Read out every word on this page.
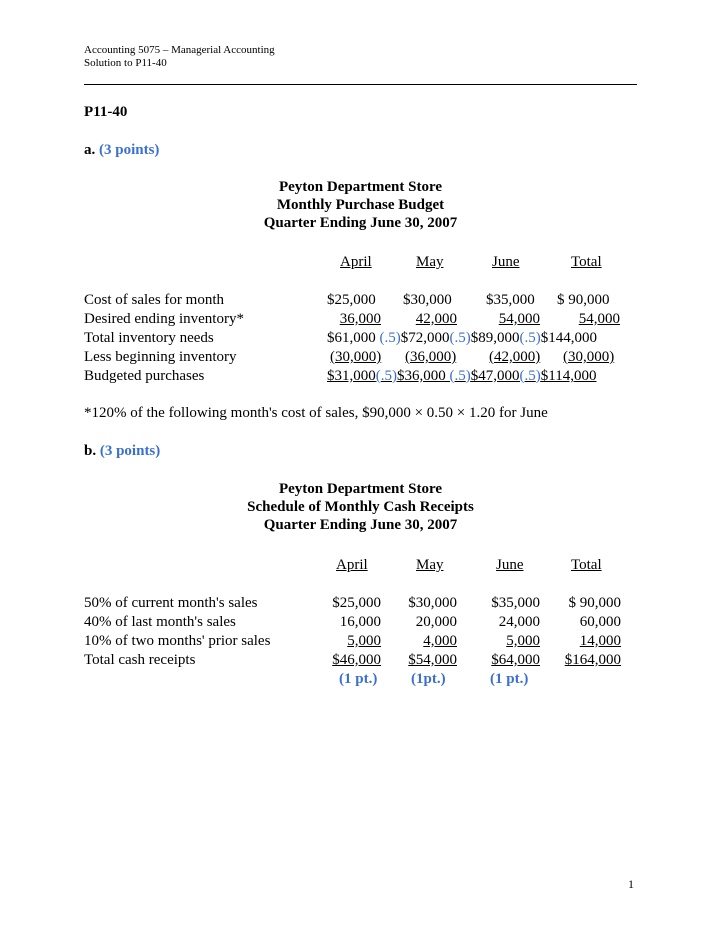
Accounting 5075 – Managerial Accounting
Solution to P11-40
P11-40
a. (3 points)
Peyton Department Store
Monthly Purchase Budget
Quarter Ending June 30, 2007
April	May	June	Total
Cost of sales for month	$25,000 $30,000 $35,000 $ 90,000
Desired ending inventory*	36,000	42,000	54,000	54,000
Total inventory needs	$61,000 (.5)$72,000(.5)$89,000(.5)$144,000
Less beginning inventory	(30,000) (36,000) (42,000) (30,000)
Budgeted purchases	$31,000(.5)$36,000 (.5)$47,000(.5)$114,000
*120% of the following month's cost of sales, $90,000 × 0.50 × 1.20 for June
b. (3 points)
Peyton Department Store
Schedule of Monthly Cash Receipts
Quarter Ending June 30, 2007
April	May	June	Total
50% of current month's sales	$25,000	$30,000	$35,000	$ 90,000
40% of last month's sales	16,000	20,000	24,000	60,000
10% of two months' prior sales	5,000	4,000	5,000	14,000
Total cash receipts	$46,000	$54,000	$64,000	$164,000
(1 pt.) (1pt.)	(1 pt.)
1
